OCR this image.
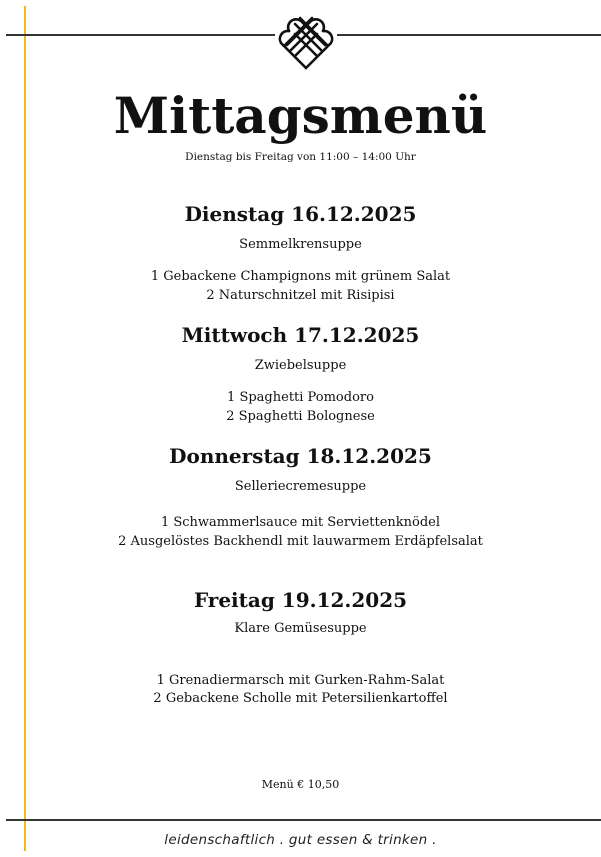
Mittagsmenü
Dienstag bis Freitag von 11:00 – 14:00 Uhr
Dienstag 16.12.2025
Semmelkrensuppe
1 Gebackene Champignons mit grünem Salat
2 Naturschnitzel mit Risipisi
Mittwoch 17.12.2025
Zwiebelsuppe
1 Spaghetti Pomodoro
2 Spaghetti Bolognese
Donnerstag 18.12.2025
Selleriecremesuppe
1 Schwammerlsauce mit Serviettenknödel
2 Ausgelöstes Backhendl mit lauwarmem Erdäpfelsalat
Freitag 19.12.2025
Klare Gemüsesuppe
1 Grenadiermarsch mit Gurken-Rahm-Salat
2 Gebackene Scholle mit Petersilienkartoffel
Menü € 10,50
leidenschaftlich . gut essen & trinken .
